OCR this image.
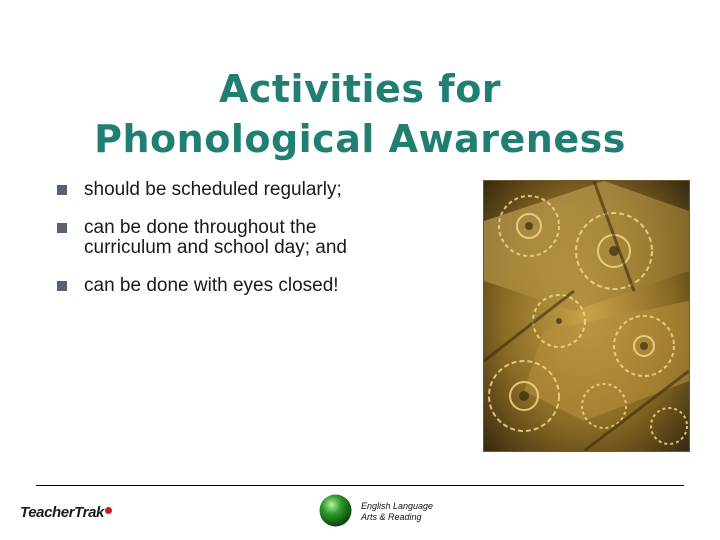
Activities for
Phonological Awareness
should be scheduled regularly;
can be done throughout the
curriculum and school day; and
can be done with eyes closed!
TeacherTrak	English Language
Arts & Reading
